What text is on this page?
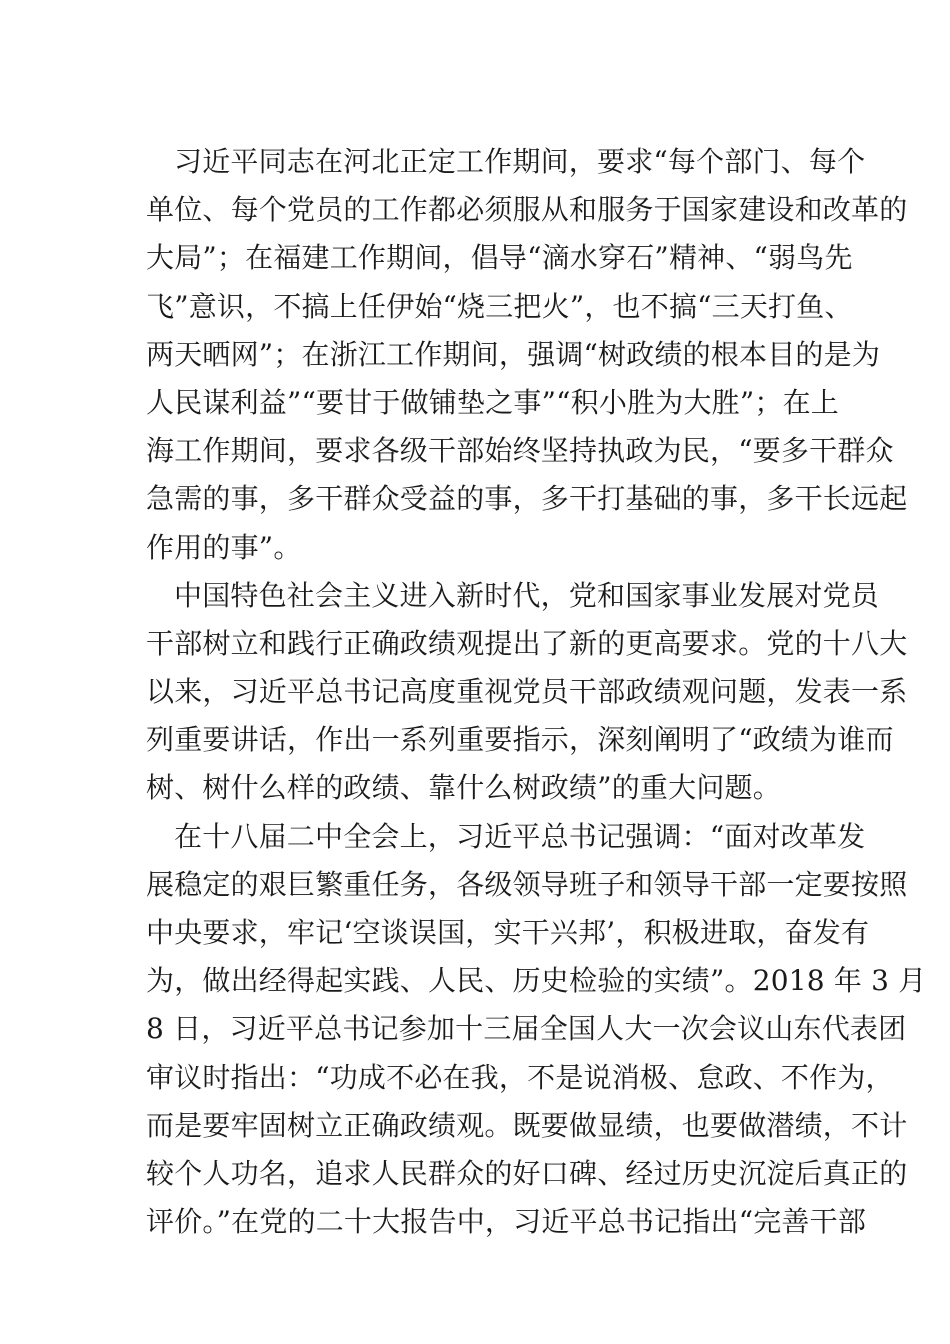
习近平同志在河北正定工作期间，要求“每个部门、每个
单位、每个党员的工作都必须服从和服务于国家建设和改革的
大局”；在福建工作期间，倡导“滴水穿石”精神、“弱鸟先
飞”意识，不搞上任伊始“烧三把火”，也不搞“三天打鱼、
两天晒网”；在浙江工作期间，强调“树政绩的根本目的是为
人民谋利益”“要甘于做铺垫之事”“积小胜为大胜”；在上
海工作期间，要求各级干部始终坚持执政为民，“要多干群众
急需的事，多干群众受益的事，多干打基础的事，多干长远起
作用的事”。
中国特色社会主义进入新时代，党和国家事业发展对党员
干部树立和践行正确政绩观提出了新的更高要求。党的十八大
以来，习近平总书记高度重视党员干部政绩观问题，发表一系
列重要讲话，作出一系列重要指示，深刻阐明了“政绩为谁而
树、树什么样的政绩、靠什么树政绩”的重大问题。
在十八届二中全会上，习近平总书记强调：“面对改革发
展稳定的艰巨繁重任务，各级领导班子和领导干部一定要按照
中央要求，牢记‘空谈误国，实干兴邦’，积极进取，奋发有
为，做出经得起实践、人民、历史检验的实绩”。2018 年 3 月
8 日，习近平总书记参加十三届全国人大一次会议山东代表团
审议时指出：“功成不必在我，不是说消极、怠政、不作为，
而是要牢固树立正确政绩观。既要做显绩，也要做潜绩，不计
较个人功名，追求人民群众的好口碑、经过历史沉淀后真正的
评价。”在党的二十大报告中，习近平总书记指出“完善干部
